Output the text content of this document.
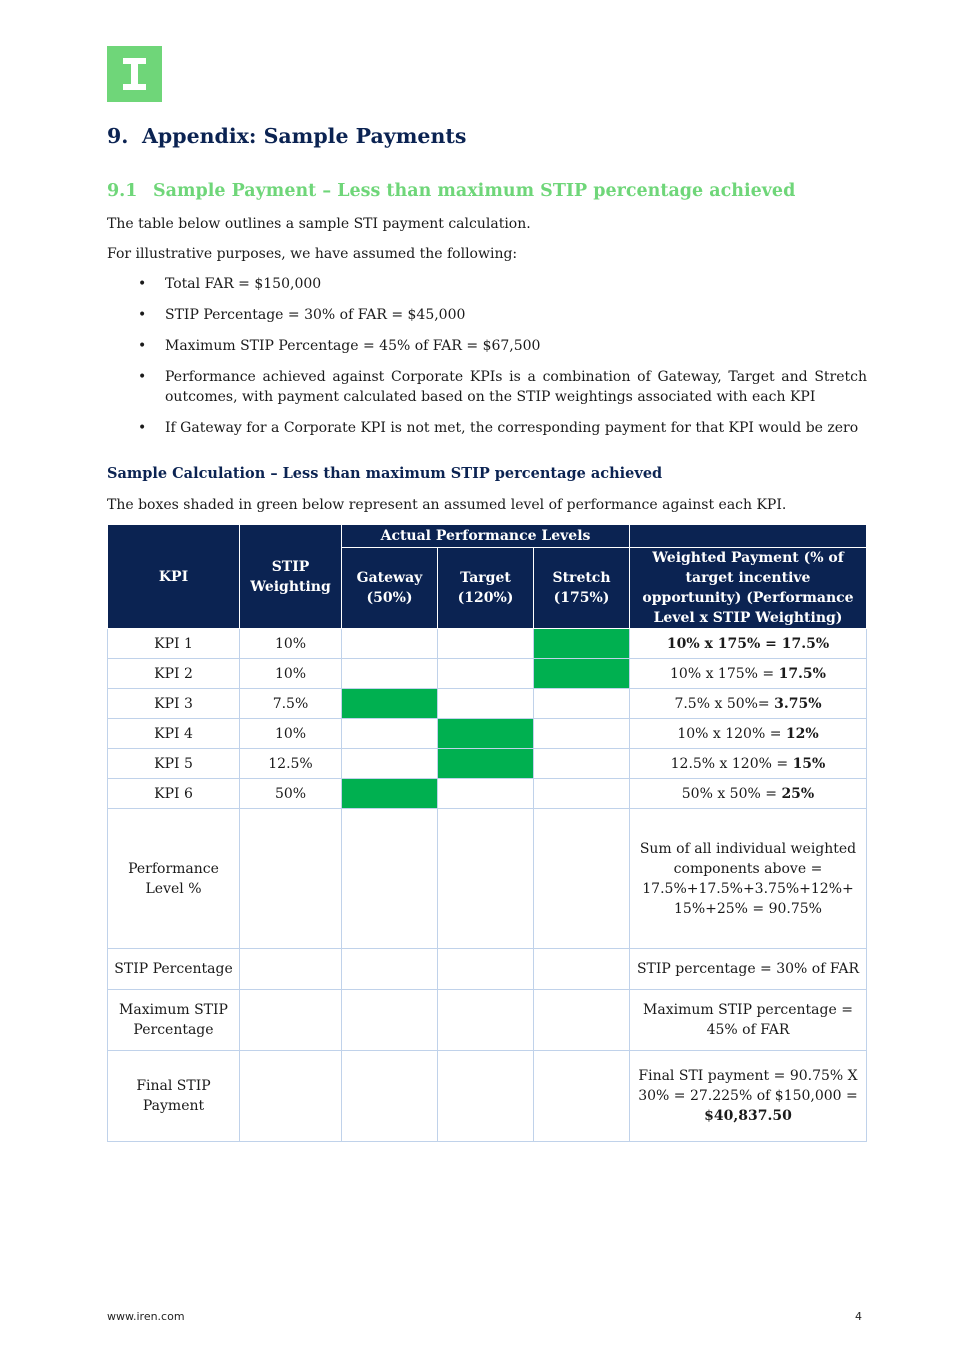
9. Appendix: Sample Payments
9.1 Sample Payment – Less than maximum STIP percentage achieved

The table below outlines a sample STI payment calculation.

For illustrative purposes, we have assumed the following:

• Total FAR = $150,000
• STIP Percentage = 30% of FAR = $45,000
• Maximum STIP Percentage = 45% of FAR = $67,500
• Performance achieved against Corporate KPIs is a combination of Gateway, Target and Stretch outcomes, with payment calculated based on the STIP weightings associated with each KPI
• If Gateway for a Corporate KPI is not met, the corresponding payment for that KPI would be zero
Sample Calculation – Less than maximum STIP percentage achieved

The boxes shaded in green below represent an assumed level of performance against each KPI.

KPI	STIP Weighting	Actual Performance Levels			
		Gateway (50%)	Target (120%)	Stretch (175%)	Weighted Payment (% of target incentive opportunity) (Performance Level x STIP Weighting)
KPI 1	10%				10% x 175% = 17.5%
KPI 2	10%				10% x 175% = 17.5%
KPI 3	7.5%				7.5% x 50%= 3.75%
KPI 4	10%				10% x 120% = 12%
KPI 5	12.5%				12.5% x 120% = 15%
KPI 6	50%				50% x 50% = 25%
Performance Level %					Sum of all individual weighted components above = 17.5%+17.5%+3.75%+12%+ 15%+25% = 90.75%
STIP Percentage					STIP percentage = 30% of FAR
Maximum STIP Percentage					Maximum STIP percentage = 45% of FAR
Final STIP Payment					Final STI payment = 90.75% X 30% = 27.225% of $150,000 = $40,837.50
www.iren.com	4
